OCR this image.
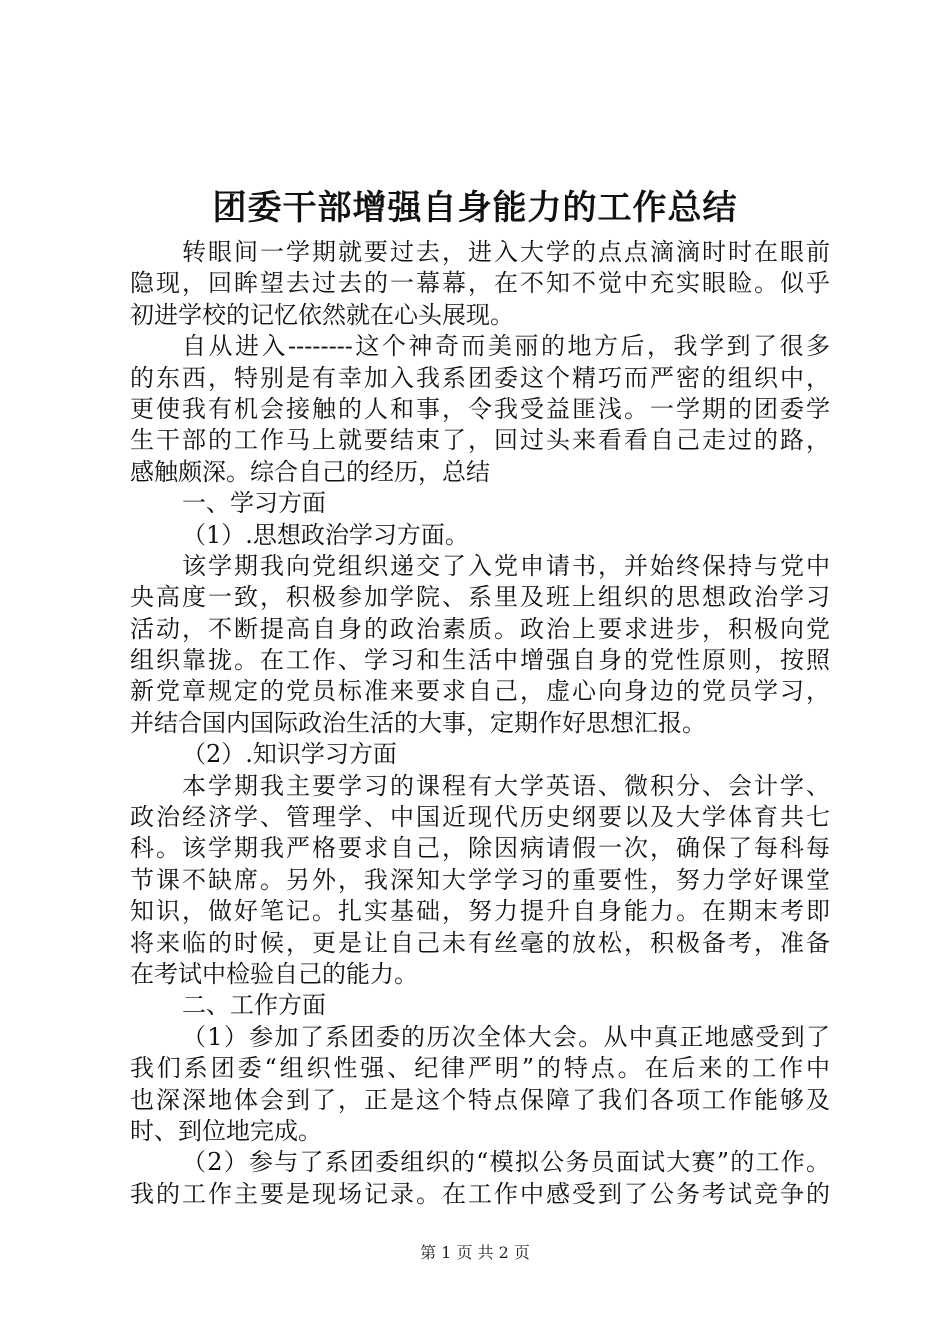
团委干部增强自身能力的工作总结
转眼间一学期就要过去，进入大学的点点滴滴时时在眼前
隐现，回眸望去过去的一幕幕，在不知不觉中充实眼睑。似乎
初进学校的记忆依然就在心头展现。
自从进入--------这个神奇而美丽的地方后，我学到了很多
的东西，特别是有幸加入我系团委这个精巧而严密的组织中，
更使我有机会接触的人和事，令我受益匪浅。一学期的团委学
生干部的工作马上就要结束了，回过头来看看自己走过的路，
感触颇深。综合自己的经历，总结
一、学习方面
（1）.思想政治学习方面。
该学期我向党组织递交了入党申请书，并始终保持与党中
央高度一致，积极参加学院、系里及班上组织的思想政治学习
活动，不断提高自身的政治素质。政治上要求进步，积极向党
组织靠拢。在工作、学习和生活中增强自身的党性原则，按照
新党章规定的党员标准来要求自己，虚心向身边的党员学习，
并结合国内国际政治生活的大事，定期作好思想汇报。
（2）.知识学习方面
本学期我主要学习的课程有大学英语、微积分、会计学、
政治经济学、管理学、中国近现代历史纲要以及大学体育共七
科。该学期我严格要求自己，除因病请假一次，确保了每科每
节课不缺席。另外，我深知大学学习的重要性，努力学好课堂
知识，做好笔记。扎实基础，努力提升自身能力。在期末考即
将来临的时候，更是让自己未有丝毫的放松，积极备考，准备
在考试中检验自己的能力。
二、工作方面
（1）参加了系团委的历次全体大会。从中真正地感受到了
我们系团委“组织性强、纪律严明”的特点。在后来的工作中
也深深地体会到了，正是这个特点保障了我们各项工作能够及
时、到位地完成。
（2）参与了系团委组织的“模拟公务员面试大赛”的工作。
我的工作主要是现场记录。在工作中感受到了公务考试竞争的
第 1 页 共 2 页
